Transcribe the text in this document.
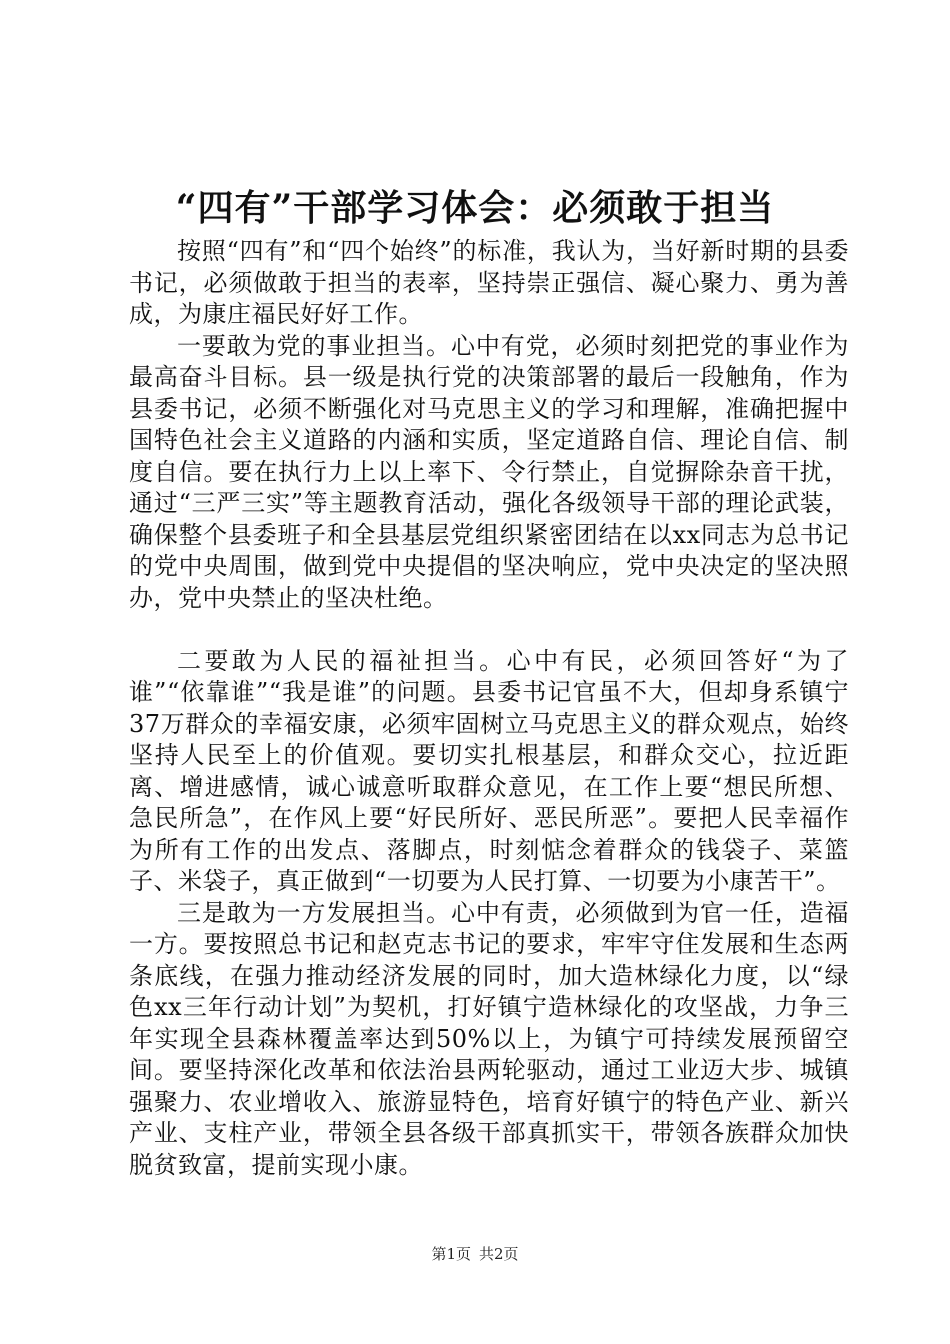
“四有”干部学习体会：必须敢于担当

按照“四有”和“四个始终”的标准，我认为，当好新时期的县委书记，必须做敢于担当的表率，坚持崇正强信、凝心聚力、勇为善成，为康庄福民好好工作。

一要敢为党的事业担当。心中有党，必须时刻把党的事业作为最高奋斗目标。县一级是执行党的决策部署的最后一段触角，作为县委书记，必须不断强化对马克思主义的学习和理解，准确把握中国特色社会主义道路的内涵和实质，坚定道路自信、理论自信、制度自信。要在执行力上以上率下、令行禁止，自觉摒除杂音干扰，通过“三严三实”等主题教育活动，强化各级领导干部的理论武装，确保整个县委班子和全县基层党组织紧密团结在以xx同志为总书记的党中央周围，做到党中央提倡的坚决响应，党中央决定的坚决照办，党中央禁止的坚决杜绝。

二要敢为人民的福祉担当。心中有民，必须回答好“为了谁”“依靠谁”“我是谁”的问题。县委书记官虽不大，但却身系镇宁37万群众的幸福安康，必须牢固树立马克思主义的群众观点，始终坚持人民至上的价值观。要切实扎根基层，和群众交心，拉近距离、增进感情，诚心诚意听取群众意见，在工作上要“想民所想、急民所急”，在作风上要“好民所好、恶民所恶”。要把人民幸福作为所有工作的出发点、落脚点，时刻惦念着群众的钱袋子、菜篮子、米袋子，真正做到“一切要为人民打算、一切要为小康苦干”。

三是敢为一方发展担当。心中有责，必须做到为官一任，造福一方。要按照总书记和赵克志书记的要求，牢牢守住发展和生态两条底线，在强力推动经济发展的同时，加大造林绿化力度，以“绿色xx三年行动计划”为契机，打好镇宁造林绿化的攻坚战，力争三年实现全县森林覆盖率达到50%以上，为镇宁可持续发展预留空间。要坚持深化改革和依法治县两轮驱动，通过工业迈大步、城镇强聚力、农业增收入、旅游显特色，培育好镇宁的特色产业、新兴产业、支柱产业，带领全县各级干部真抓实干，带领各族群众加快脱贫致富，提前实现小康。

第1页 共2页
